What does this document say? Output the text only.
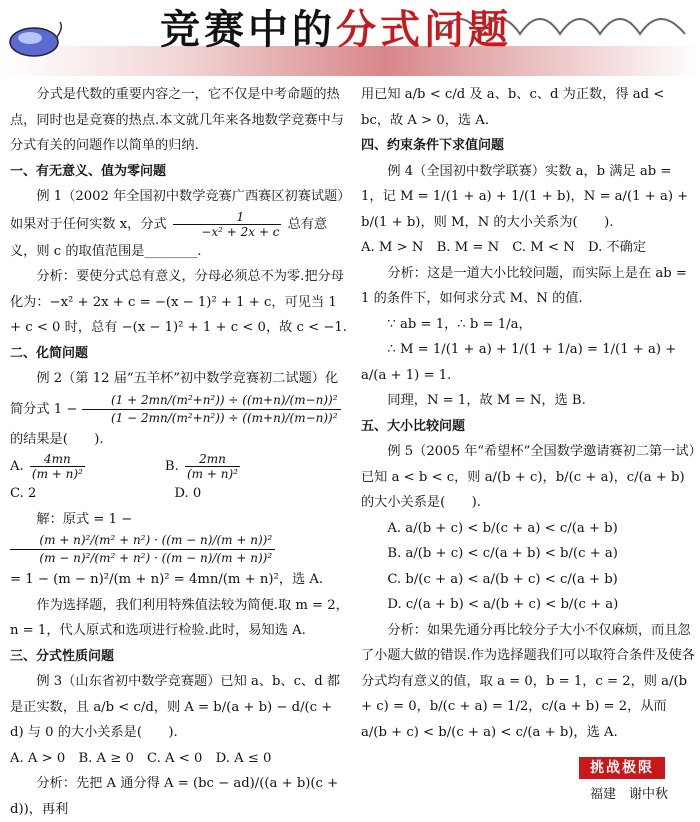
竞赛中的分式问题

分式是代数的重要内容之一，它不仅是中考命题的热点，同时也是竞赛的热点.本文就几年来各地数学竞赛中与分式有关的问题作以简单的归纳.

一、有无意义、值为零问题

例 1（2002 年全国初中数学竞赛广西赛区初赛试题）如果对于任何实数 x，分式 $\frac{1}{\text{−x² + 2x + c}}$ 总有意义，则 c 的取值范围是________.

分析：要使分式总有意义，分母必须总不为零.把分母化为：−x² + 2x + c = −(x − 1)² + 1 + c，可见当 1 + c < 0 时，总有 −(x − 1)² + 1 + c < 0，故 c < −1.

二、化简问题

例 2（第 12 届“五羊杯”初中数学竞赛初二试题）化简分式 $1 - \frac{\text{(1 + 2mn/(m²+n²)) ÷ ((m+n)/(m−n))²}}{\text{(1 − 2mn/(m²+n²)) ÷ ((m+n)/(m−n))²}}$
的结果是(　　).

A. $\frac{4mn}{\text{(m + n)²}}$	B. $\frac{2mn}{\text{(m + n)²}}$
C. 2	D. 0

解：原式 = 1 −
$\frac{\text{(m + n)²/(m² + n²) · ((m − n)/(m + n))²}}{\text{(m − n)²/(m² + n²) · ((m − n)/(m + n))²}}$

= 1 − (m − n)²/(m + n)² = 4mn/(m + n)²，选 A.

作为选择题，我们利用特殊值法较为简便.取 m = 2，n = 1，代人原式和选项进行检验.此时，易知选 A.

三、分式性质问题

例 3（山东省初中数学竞赛题）已知 a、b、c、d 都是正实数，且 a/b < c/d，则 A = b/(a + b) − d/(c + d) 与 0 的大小关系是(　　).

A. A > 0　B. A ≥ 0　C. A < 0　D. A ≤ 0

分析：先把 A 通分得 A = (bc − ad)/((a + b)(c + d))，再利

用已知 a/b < c/d 及 a、b、c、d 为正数，得 ad < bc，故 A > 0，选 A.

四、约束条件下求值问题

例 4（全国初中数学联赛）实数 a，b 满足 ab = 1，记 M = 1/(1 + a) + 1/(1 + b)，N = a/(1 + a) + b/(1 + b)，则 M，N 的大小关系为(　　).

A. M > N　B. M = N　C. M < N　D. 不确定

分析：这是一道大小比较问题，而实际上是在 ab = 1 的条件下，如何求分式 M、N 的值.

∵ ab = 1，∴ b = 1/a，

∴ M = 1/(1 + a) + 1/(1 + 1/a) = 1/(1 + a) + a/(a + 1) = 1.

同理，N = 1，故 M = N，选 B.

五、大小比较问题

例 5（2005 年“希望杯”全国数学邀请赛初二第一试）已知 a < b < c，则 a/(b + c)，b/(c + a)，c/(a + b) 的大小关系是(　　).

A. a/(b + c) < b/(c + a) < c/(a + b)

B. a/(b + c) < c/(a + b) < b/(c + a)

C. b/(c + a) < a/(b + c) < c/(a + b)

D. c/(a + b) < a/(b + c) < b/(c + a)

分析：如果先通分再比较分子大小不仅麻烦，而且忽了小题大做的错误.作为选择题我们可以取符合条件及使各分式均有意义的值，取 a = 0，b = 1，c = 2，则 a/(b + c) = 0，b/(c + a) = 1/2，c/(a + b) = 2，从而 a/(b + c) < b/(c + a) < c/(a + b)，选 A.

挑战极限
福建　谢中秋
